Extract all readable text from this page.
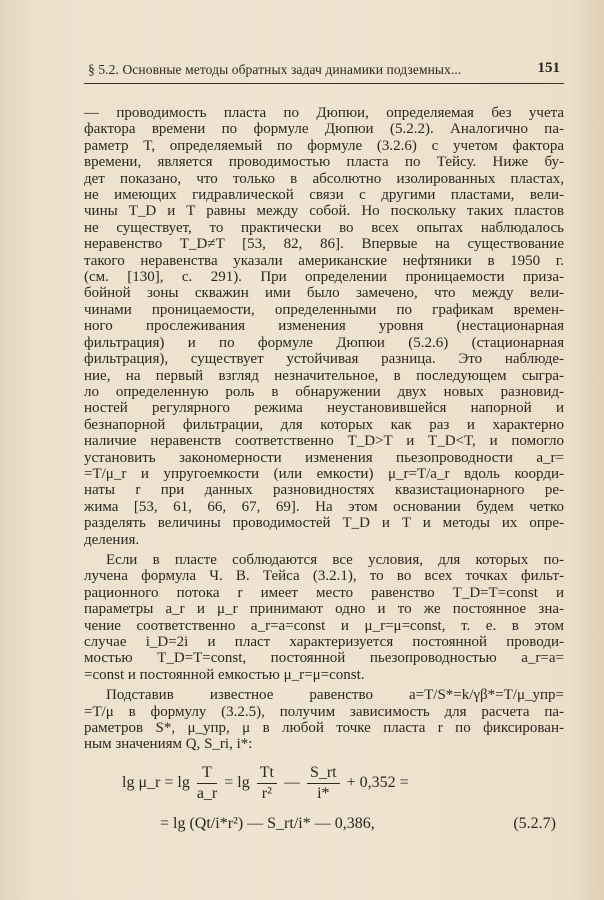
§ 5.2. Основные методы обратных задач динамики подземных...	151
— проводимость пласта по Дюпюи, определяемая без учета
фактора времени по формуле Дюпюи (5.2.2). Аналогично па-
раметр T, определяемый по формуле (3.2.6) с учетом фактора
времени, является проводимостью пласта по Тейсу. Ниже бу-
дет показано, что только в абсолютно изолированных пластах,
не имеющих гидравлической связи с другими пластами, вели-
чины T_D и T равны между собой. Но поскольку таких пластов
не существует, то практически во всех опытах наблюдалось
неравенство T_D≠T [53, 82, 86]. Впервые на существование
такого неравенства указали американские нефтяники в 1950 г.
(см. [130], с. 291). При определении проницаемости приза-
бойной зоны скважин ими было замечено, что между вели-
чинами проницаемости, определенными по графикам времен-
ного прослеживания изменения уровня (нестационарная
фильтрация) и по формуле Дюпюи (5.2.6) (стационарная
фильтрация), существует устойчивая разница. Это наблюде-
ние, на первый взгляд незначительное, в последующем сыгра-
ло определенную роль в обнаружении двух новых разновид-
ностей регулярного режима неустановившейся напорной и
безнапорной фильтрации, для которых как раз и характерно
наличие неравенств соответственно T_D>T и T_D<T, и помогло
установить закономерности изменения пьезопроводности a_r=
=T/μ_r и упругоемкости (или емкости) μ_r=T/a_r вдоль коорди-
наты r при данных разновидностях квазистационарного ре-
жима [53, 61, 66, 67, 69]. На этом основании будем четко
разделять величины проводимостей T_D и T и методы их опре-
деления.
Если в пласте соблюдаются все условия, для которых по-
лучена формула Ч. В. Тейса (3.2.1), то во всех точках фильт-
рационного потока r имеет место равенство T_D=T=const и
параметры a_r и μ_r принимают одно и то же постоянное зна-
чение соответственно a_r=a=const и μ_r=μ=const, т. е. в этом
случае i_D=2i и пласт характеризуется постоянной проводи-
мостью T_D=T=const, постоянной пьезопроводностью a_r=a=
=const и постоянной емкостью μ_r=μ=const.
Подставив известное равенство a=T/S*=k/γβ*=T/μ_упр=
=T/μ в формулу (3.2.5), получим зависимость для расчета па-
раметров S*, μ_упр, μ в любой точке пласта r по фиксирован-
ным значениям Q, S_ri, i*:
lg μ_r = $\lg \frac{T}{a\_r} = \lg \frac{Tt}{\text{r²}}$ — $\frac{S\_rt}{i*} + 0,352$ =
= lg (Qt/i*r²) — S_rt/i* — 0,386,	(5.2.7)
